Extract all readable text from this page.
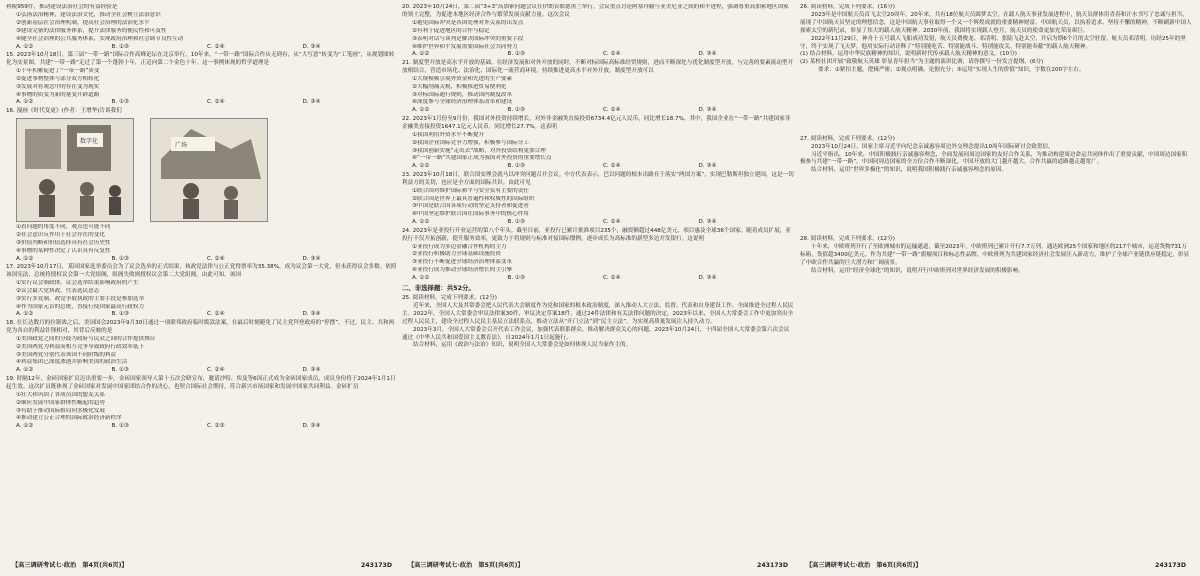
利税959件，推动建设法治社会的有益经验是
①弘扬法治精神，建设法治文化，推动全社会树立法治意识
②创新基层社会治理机制，提高社会治理的法治化水平
③建设完备的法律服务体系，提升法律服务的便民性和可及性
④健全社会治理的公共服务体系，实现政府治理和社会调节良性互动
A. ①②	B. ①③	C. ②④	D. ③④
15. 2023年10月18日，第三届“一带一路”国际合作高峰论坛在北京举行。10年来，“一带一路”国际合作从无到有，从“大写意”转变为“工笔画”，从规划图转化为实景图，共建“一带一路”走过了第一个蓬勃十年，正迈向第二个金色十年。这一事例体现的哲学道理是
①十年积累促进了“一带一路”质变
②促进事物整体与部分双方相转化
③发展对将观念中的存在变为现实
④事物的质变为新的量变开辟道路
A. ①②	B. ①③	C. ②④	D. ③④
16. 漫画《时代变更》(作者：王增华)告诉我们
数字化
广场
①看问题的角度不同，观点也可能不同
②社会意识反作用于社会存在的变化
③价值判断和价值选择具有社会历史性
④事物的某种性决定了认识具有反复性
A. ①②	B. ①③	C. ②④	D. ③④
17. 2023年10月17日，某国国家选举委员会为了议会选举的正式结果，执政党法律与公正党得票率为35.38%，成为议会第一大党，但未获得议会多数。依照该国宪法，总统将授权议会第一大党组阁，组阁失败则授权议会第二大党组阁。由此可知，该国
①实行议会制政体，议会选举结果影响政府的产生
②议会最大党执政，代表选民意志
③实行多党制，政党争取执政的主要手段是参加选举
④作为国家元首的总统，直接行使国家最高行政权力
A. ①②	B. ①③	C. ②④	D. ③④
18. 在长达数月的拉锯战之后，美国国会2023年9月30日通过一项联邦政府临时拨款法案，在最后时刻避免了民主党拜登政府的“停摆”。不过，民主、共和两党为各自的利益针锋相对，其背后反映的是
①美国政党之间的分歧为政府与民众之间的合作提供舞台
②美国两党为利益而相互竞争导致政府行政效率低下
③美国两党分别代表该国不同阶级的利益
④利益集团已深度渗透并影响美国的政治生活
A. ①②	B. ①③	C. ②④	D. ③④
19. 时隔12年，金砖国家扩员迈出重要一步。金砖国家领导人第十五次会晤宣布，邀请沙特、埃及等6国正式成为金砖国家成员，成员身份将于2024年1月1日起生效。这次扩员既体现了金砖国家对发展中国家团结合作的决心，也契合国际社会期待，符合新兴市场国家和发展中国家共同利益。金砖扩员
①壮大和巩固了各成员国的盟友关系
②顺应发展中国家群体性崛起的趋势
③有助于推动国际格局向多极化发展
④推动建立公正合理的国际政治经济新秩序
A. ①②	B. ①③	C. ②③	D. ③④
【高三调研考试七·政治　第4页(共6页)】	243173D
20. 2023年10月24日，第二届“3+3”高加索问题会议在伊朗首都德黑兰举行，会议重点讨论阿塞拜疆与亚美尼亚之间的和平进程，强调尊重高加索地区国家的领土完整，为促进本地区经济合作与繁荣发展贡献力量。这次会议
①避免国际冲突是各国处理对外关系的出发点
②有利于促进地区的合作与稳定
③表明对话与谈判是解决国际冲突的重要手段
④维护世界和平发展需要国际社会共同努力
A. ①②	B. ①③	C. ②④	D. ③④
21. 制度型开放是高水平开放的基础。在经济发展和对外开放的同时，不断对标国际高标准经贸规则，进而不断深化与优化制度型开放，与完善的要素流动型开放相结合，营造市场化、法治化、国际化一流营商环境，持续推进更高水平对外开放。制度型开放可以
①大规模吸引境外资金和先进的生产要素
②大幅削减关税，积极推进贸易便利化
③对标国际通行规则，推动国内制度改革
④深度参与全球经济治理体系改革和建设
A. ①②	B. ①③	C. ②④	D. ③④
22. 2023年1月份至9月份，我国对外投资持续增长，对外非金融类直接投资6734.4亿元人民币，同比增长18.7%。其中，我国企业在“一带一路”共建国家非金融类直接投资1647.1亿元人民币，同比增长27.7%。这表明
①我国利用外资水平不断提升
②我国企业国际竞争力增强，积极参与国际分工
③我国创新实施“走出去”战略，对外投资结构更加合理
④“一带一路”共建国家正成为我国对外投资的重要增长点
A. ①②	B. ①③	C. ②④	D. ③④
23. 2023年10月18日，联合国安理会就马以冲突问题召开会议。中方代表表示，巴以问题的根本出路在于落实“两国方案”，实现巴勒斯坦独立建国，这是一切利益方的关切，也应是全方面的国际共识。由此可见
①联合国对维护国际和平与安全负有主要的责任
②联合国是世界上最具普遍性和权威性的国际组织
③中国是联合国各项行动的坚定支持者和促进者
④中国坚定维护联合国在国际事务中的核心作用
A. ①②	B. ①③	C. ②④	D. ③④
24. 2023年是亚投行开业运营的第八个年头。截至目前，亚投行已累计批准项目235个，融资额超过448亿美元，项目惠及全球36个国家。随着成员扩展，亚投行不仅开拓创新，提升服务效率，更致力于将规则与标准对接国际惯例，逐步成长为高标准的新型多边开发银行。这说明
①亚投行成为多边金融合作机构的主力
②亚投行积极助力全球基础设施投资
③亚投行不断促进全球经济治理体系变革
④亚投行成为推动全球经济增长的主引擎
A. ①②	B. ①③	C. ②④	D. ③④
二、非选择题：共52分。
25. 阅读材料，完成下列要求。(12分)
近年来，全国人大及其常委会把人民代表大会制度作为党和国家的根本政治制度，深入推动人大立法、监督、代表和自身建设工作，全面推进全过程人民民主。2022年，全国人大常委会审议法律案30件，审议决定草案18件，通过24件法律和有关法律问题的决定。2023年以来，全国人大常委会工作中更加突出全过程人民民主，建设全过程人民民主基层立法联系点，推动立法从“开门立法”到“民主立法”，为实现高质量发展注入持久动力。
2023年3月，全国人大常委会召开代表工作会议，加强代表联系群众、推动解决群众关心的问题，2023年10月24日，十四届全国人大常委会第六次会议通过《中华人民共和国爱国主义教育法》，自2024年1月1日起施行。
结合材料，运用《政治与法治》知识，说明全国人大常委会是如何体现人民当家作主的。
【高三调研考试七·政治　第5页(共6页)】	243173D
26. 阅读材料，完成下列要求。(16分)
2023年是中国航天员首飞太空20周年。20年来，共有18位航天员圆梦太空。在载人航天事业发展进程中，航天员群体用青春和汗水书写了忠诚与担当，展现了中国航天员坚定的理想信念，这是中国航天事业取得一个又一个辉煌成就的重要精神财富。中国航天员，以执着追求、坚持不懈的精神，不断刷新中国人探索太空的新纪录，彰显了伟大的载人航天精神。2030年前，我国将实现载人登月，航天员的使命更加光荣而艰巨。
2022年11月29日，神舟十五号载人飞船成功发射，航天员费俊龙、邓清明、张陆飞赴太空，开启为期6个月的太空驻留。航天员邓清明，历经25年的坚守，终于实现了飞天梦。他用实际行动诠释了“特别能吃苦、特别能战斗、特别能攻关、特别能奉献”的载人航天精神。
(1) 结合材料，运用中华民族精神的知识，说明新时代传承载人航天精神的意义。(10分)
(2) 某校社团开展“致敬航天英雄 彰显青年担当”为主题的演讲比赛，请你撰写一份发言提纲。(6分)
要求：①紧扣主题，逻辑严密；②观点明确，论据充分；③运用“实现人生的价值”知识，字数在200字左右。
27. 阅读材料，完成下列要求。(12分)
2023年10月24日，国家主席习近平向纪念亲诚惠容周边外交理念提出10周年国际研讨会致贺信。
习近平指出，10年来，中国积极践行亲诚惠容理念，全面发展同周边国家的友好合作关系，为推动构建周边命运共同体作出了重要贡献，中国周边国家积极参与共建“一带一路”，中国同周边国家的全方位合作不断深化，中国开放的大门越开越大，合作共赢的道路越走越宽广。
结合材料，运用“世界多极化”的知识，说明我国积极践行亲诚惠容理念的原因。
28. 阅读材料，完成下列要求。(12分)
十年来，中欧班列开行了至欧洲城市的运输通道，截至2023年，中欧班列已累计开行7.7万列，通达欧洲25个国家和地区的217个城市，运送货物731万标箱，货值超3400亿美元。作为共建“一带一路”旗舰项目和标志性品牌，中欧班列为共建国家经济社会发展注入新动力，维护了全球产业链供应链稳定，彰显了中欧合作共赢的巨大潜力和广阔前景。
结合材料，运用“经济全球化”的知识，说明开行中欧班列对世界经济发展的积极影响。
【高三调研考试七·政治　第6页(共6页)】	243173D
